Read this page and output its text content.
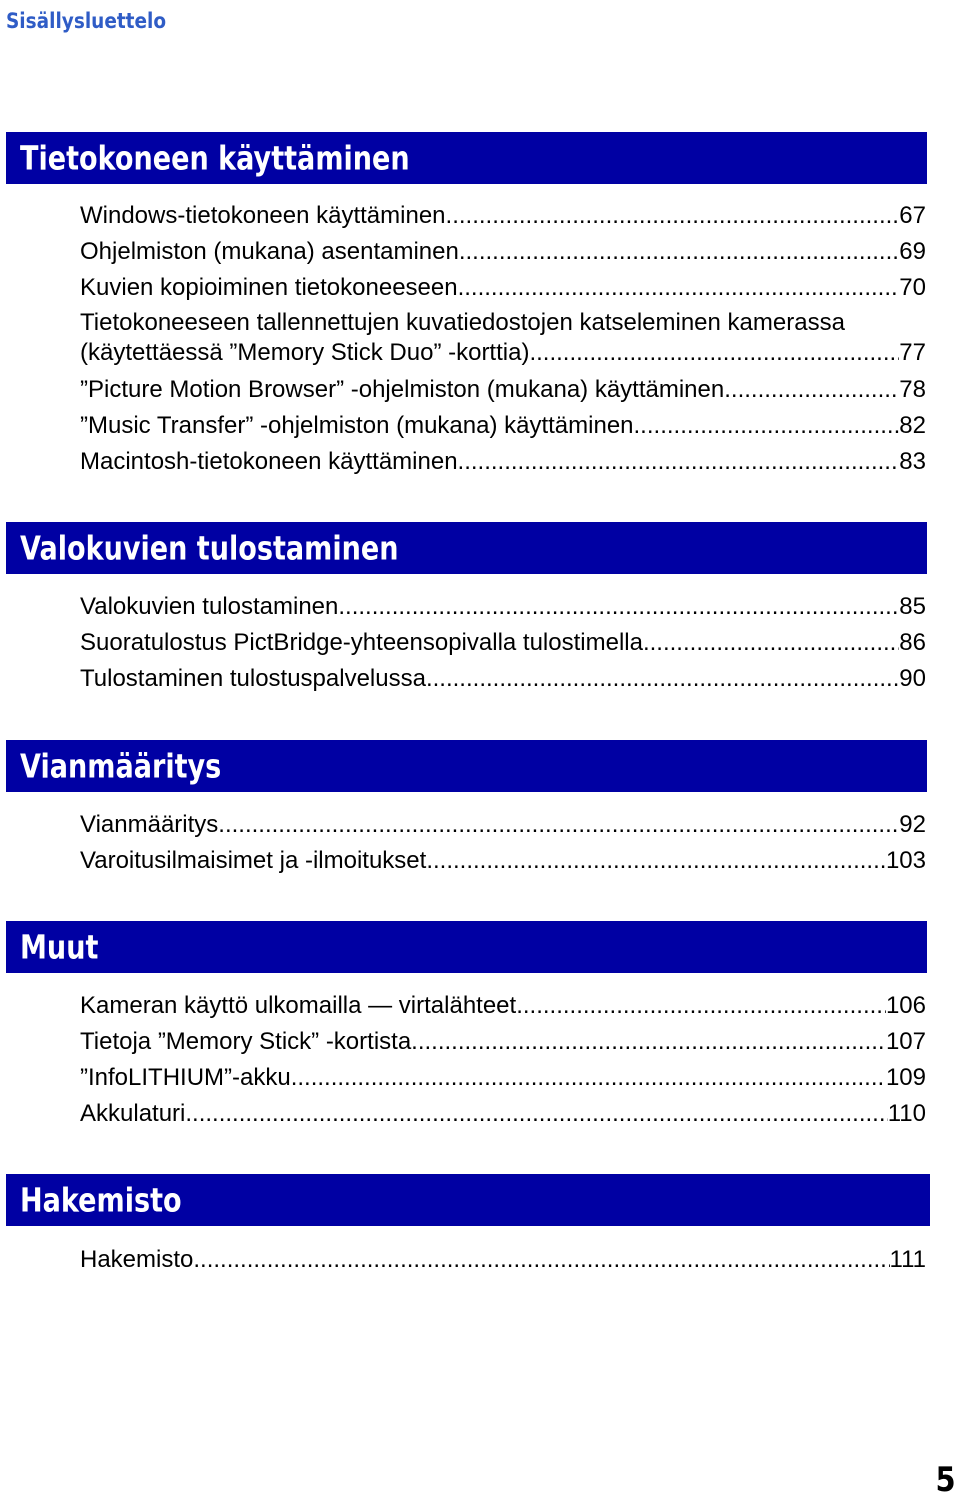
Sisällysluettelo
Tietokoneen käyttäminen
Windows-tietokoneen käyttäminen .....	67
Ohjelmiston (mukana) asentaminen .....	69
Kuvien kopioiminen tietokoneeseen .....	70
Tietokoneeseen tallennettujen kuvatiedostojen katseleminen kamerassa
(käytettäessä ”Memory Stick Duo” -korttia) .....	77
”Picture Motion Browser” -ohjelmiston (mukana) käyttäminen .....	78
”Music Transfer” -ohjelmiston (mukana) käyttäminen .....	82
Macintosh-tietokoneen käyttäminen .....	83
Valokuvien tulostaminen
Valokuvien tulostaminen .....	85
Suoratulostus PictBridge-yhteensopivalla tulostimella .....	86
Tulostaminen tulostuspalvelussa .....	90
Vianmääritys
Vianmääritys .....	92
Varoitusilmaisimet ja -ilmoitukset .....	103
Muut
Kameran käyttö ulkomailla — virtalähteet .....	106
Tietoja ”Memory Stick” -kortista .....	107
”InfoLITHIUM”-akku .....	109
Akkulaturi .....	110
Hakemisto
Hakemisto .....	111
5
